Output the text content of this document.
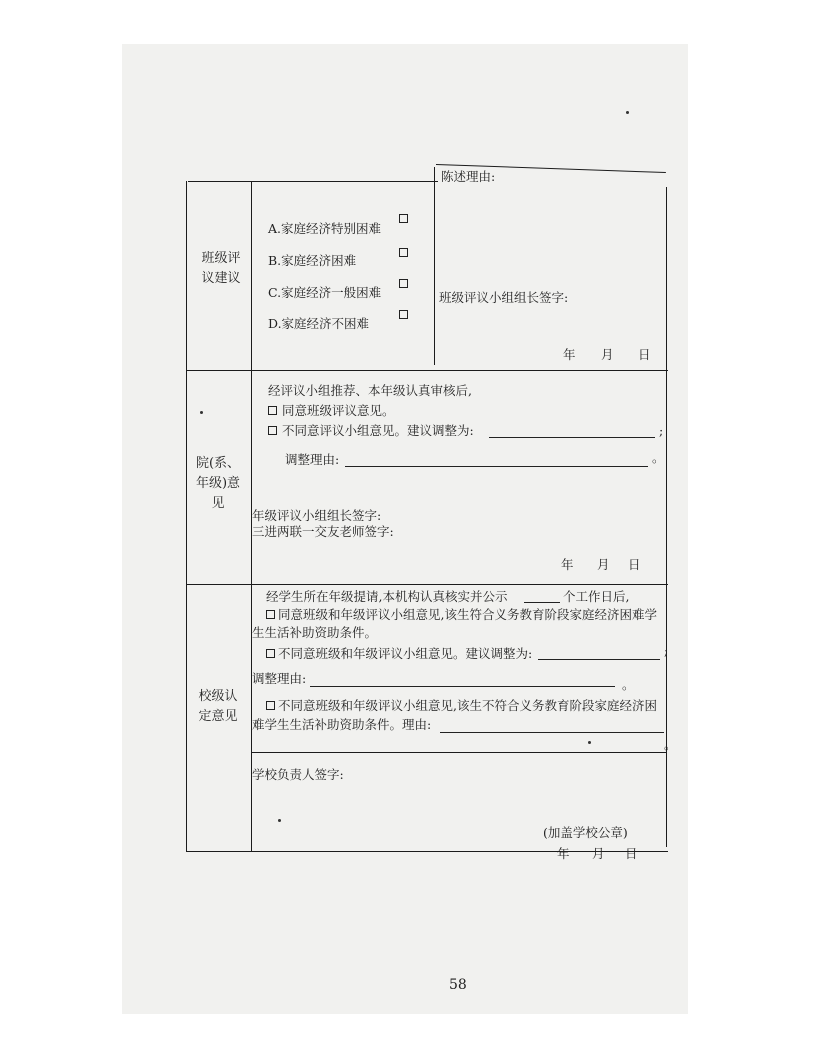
班级评议建议
A.家庭经济特别困难
B.家庭经济困难
C.家庭经济一般困难
D.家庭经济不困难
陈述理由:
班级评议小组组长签字:
年 月 日
院(系、年级)意见
经评议小组推荐、本年级认真审核后,
同意班级评议意见。
不同意评议小组意见。建议调整为:	;
调整理由:	。
年级评议小组组长签字:
三进两联一交友老师签字:
年 月 日
校级认定意见
经学生所在年级提请,本机构认真核实并公示	个工作日后,
同意班级和年级评议小组意见,该生符合义务教育阶段家庭经济困难学
生生活补助资助条件。
不同意班级和年级评议小组意见。建议调整为:	;
调整理由:	。
不同意班级和年级评议小组意见,该生不符合义务教育阶段家庭经济困
难学生生活补助资助条件。理由:
。
学校负责人签字:
(加盖学校公章)
年 月 日
58
